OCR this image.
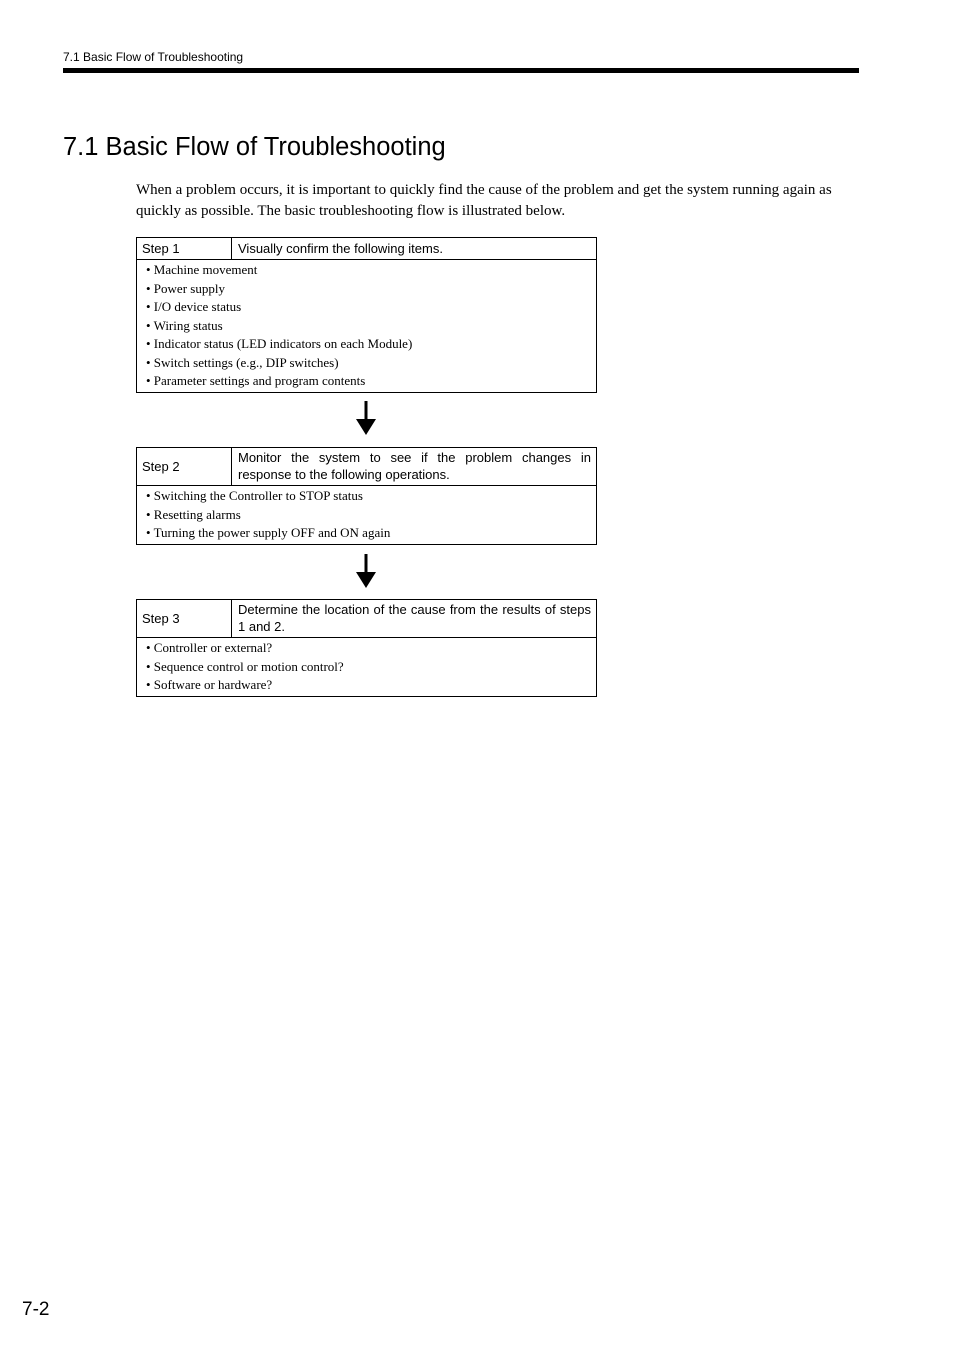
7.1 Basic Flow of Troubleshooting
7.1 Basic Flow of Troubleshooting

When a problem occurs, it is important to quickly find the cause of the problem and get the system running again as quickly as possible. The basic troubleshooting flow is illustrated below.

Step 1	Visually confirm the following items.
• Machine movement
• Power supply
• I/O device status
• Wiring status
• Indicator status (LED indicators on each Module)
• Switch settings (e.g., DIP switches)
• Parameter settings and program contents
Step 2
Monitor the system to see if the problem changes in response to the following operations.
• Switching the Controller to STOP status
• Resetting alarms
• Turning the power supply OFF and ON again
Step 3
Determine the location of the cause from the results of steps 1 and 2.
• Controller or external?
• Sequence control or motion control?
• Software or hardware?
7-2
